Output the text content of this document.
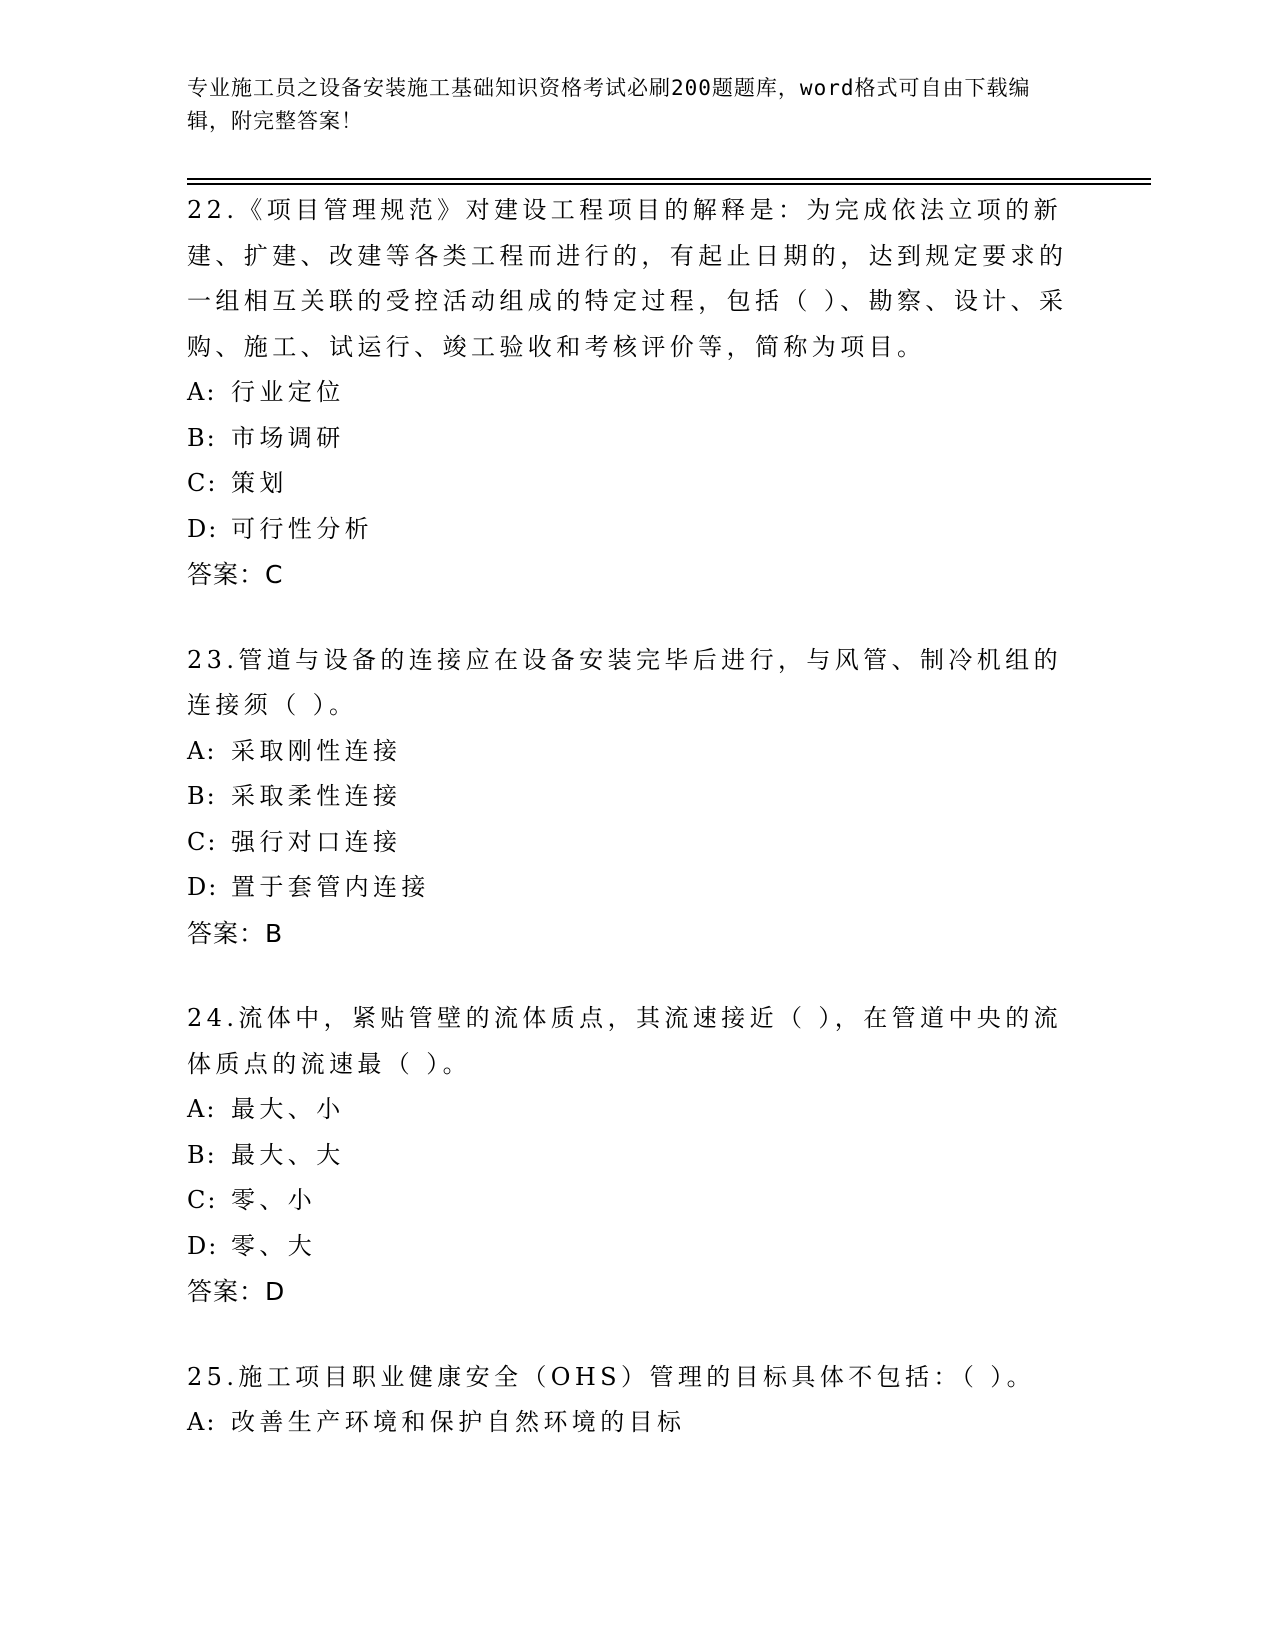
专业施工员之设备安装施工基础知识资格考试必刷200题题库，word格式可自由下载编辑，附完整答案！

22.《项目管理规范》对建设工程项目的解释是：为完成依法立项的新建、扩建、改建等各类工程而进行的，有起止日期的，达到规定要求的一组相互关联的受控活动组成的特定过程，包括（ ）、勘察、设计、采购、施工、试运行、竣工验收和考核评价等，简称为项目。

A: 行业定位
B: 市场调研
C: 策划
D: 可行性分析
答案：C

23.管道与设备的连接应在设备安装完毕后进行，与风管、制冷机组的连接须（ ）。

A: 采取刚性连接
B: 采取柔性连接
C: 强行对口连接
D: 置于套管内连接
答案：B

24.流体中，紧贴管壁的流体质点，其流速接近（ ），在管道中央的流体质点的流速最（ ）。

A: 最大、小
B: 最大、大
C: 零、小
D: 零、大
答案：D

25.施工项目职业健康安全（OHS）管理的目标具体不包括：（ ）。

A: 改善生产环境和保护自然环境的目标
